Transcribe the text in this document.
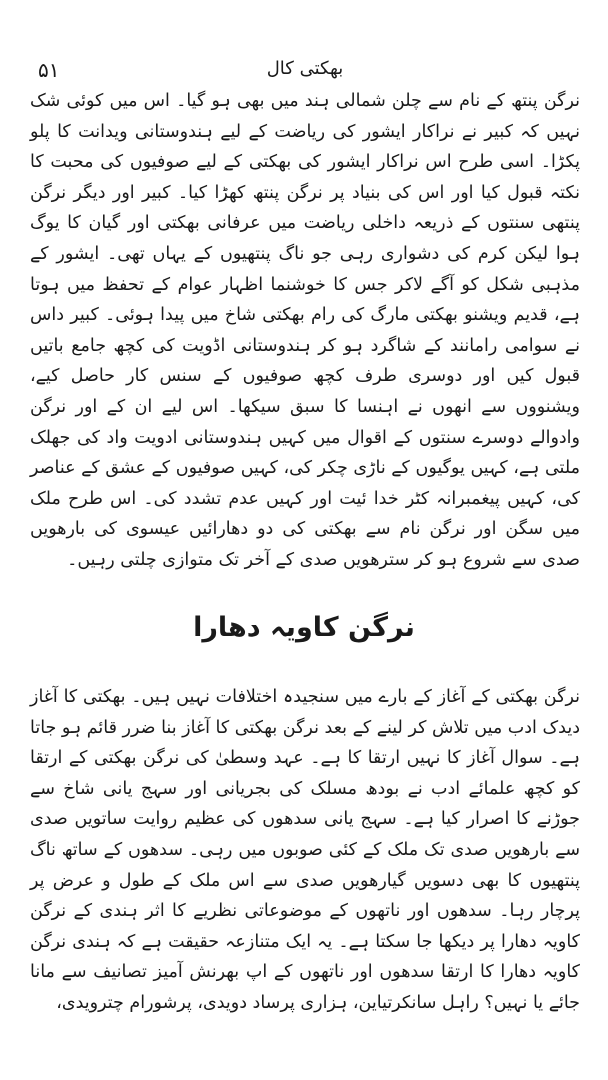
۵۱	بھکتی کال

نرگن پنتھ کے نام سے چلن شمالی ہند میں بھی ہو گیا۔ اس میں کوئی شک نہیں کہ کبیر نے نراکار ایشور کی ریاضت کے لیے ہندوستانی ویدانت کا پلو پکڑا۔ اسی طرح اس نراکار ایشور کی بھکتی کے لیے صوفیوں کی محبت کا نکتہ قبول کیا اور اس کی بنیاد پر نرگن پنتھ کھڑا کیا۔ کبیر اور دیگر نرگن پنتھی سنتوں کے ذریعہ داخلی ریاضت میں عرفانی بھکتی اور گیان کا یوگ ہوا لیکن کرم کی دشواری رہی جو ناگ پنتھیوں کے یہاں تھی۔ ایشور کے مذہبی شکل کو آگے لاکر جس کا خوشنما اظہار عوام کے تحفظ میں ہوتا ہے، قدیم ویشنو بھکتی مارگ کی رام بھکتی شاخ میں پیدا ہوئی۔ کبیر داس نے سوامی رامانند کے شاگرد ہو کر ہندوستانی اڈویت کی کچھ جامع باتیں قبول کیں اور دوسری طرف کچھ صوفیوں کے سنس کار حاصل کیے، ویشنووں سے انھوں نے اہنسا کا سبق سیکھا۔ اس لیے ان کے اور نرگن وادوالے دوسرے سنتوں کے اقوال میں کہیں ہندوستانی ادویت واد کی جھلک ملتی ہے، کہیں یوگیوں کے ناڑی چکر کی، کہیں صوفیوں کے عشق کے عناصر کی، کہیں پیغمبرانہ کٹر خدا ئیت اور کہیں عدم تشدد کی۔ اس طرح ملک میں سگن اور نرگن نام سے بھکتی کی دو دھارائیں عیسوی کی بارھویں صدی سے شروع ہو کر سترھویں صدی کے آخر تک متوازی چلتی رہیں۔

نرگن کاویہ دھارا

نرگن بھکتی کے آغاز کے بارے میں سنجیدہ اختلافات نہیں ہیں۔ بھکتی کا آغاز دیدک ادب میں تلاش کر لینے کے بعد نرگن بھکتی کا آغاز بنا ضرر قائم ہو جاتا ہے۔ سوال آغاز کا نہیں ارتقا کا ہے۔ عہد وسطیٰ کی نرگن بھکتی کے ارتقا کو کچھ علمائے ادب نے بودھ مسلک کی بجریانی اور سہج یانی شاخ سے جوڑنے کا اصرار کیا ہے۔ سہج یانی سدھوں کی عظیم روایت ساتویں صدی سے بارھویں صدی تک ملک کے کئی صوبوں میں رہی۔ سدھوں کے ساتھ ناگ پنتھیوں کا بھی دسویں گیارھویں صدی سے اس ملک کے طول و عرض پر پرچار رہا۔ سدھوں اور ناتھوں کے موضوعاتی نظریے کا اثر ہندی کے نرگن کاویہ دھارا پر دیکھا جا سکتا ہے۔ یہ ایک متنازعہ حقیقت ہے کہ ہندی نرگن کاویہ دھارا کا ارتقا سدھوں اور ناتھوں کے اپ بھرنش آمیز تصانیف سے مانا جائے یا نہیں؟ راہل سانکرتیاین، ہزاری پرساد دویدی، پرشورام چترویدی،
